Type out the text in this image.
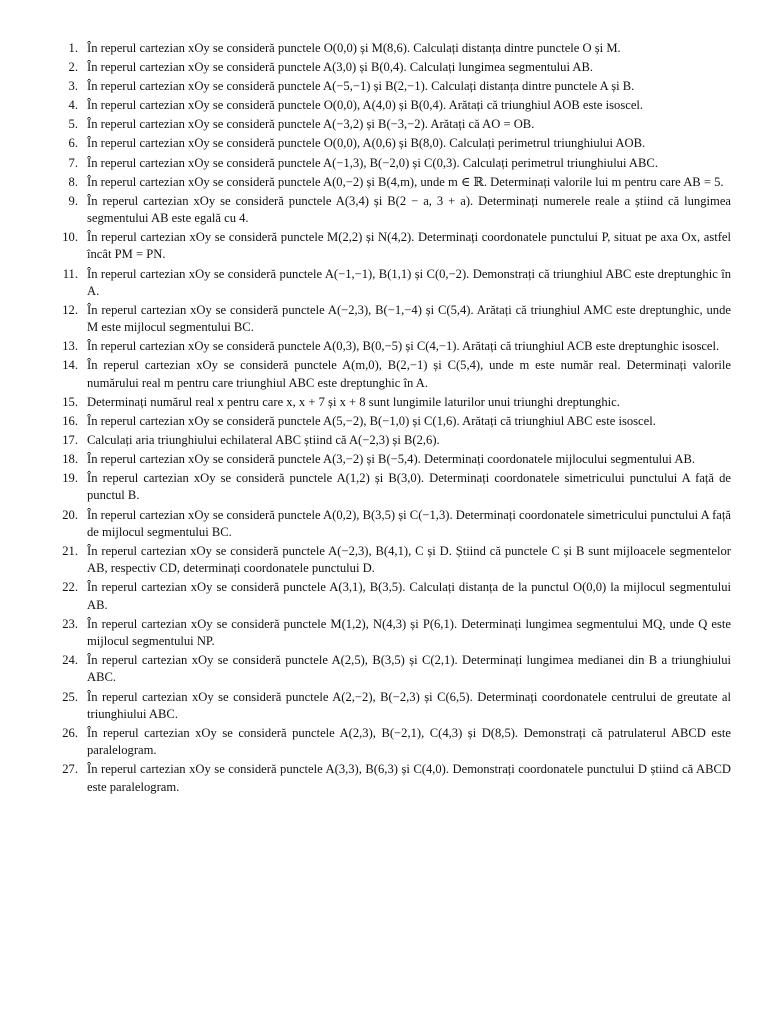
1. În reperul cartezian xOy se consideră punctele O(0,0) și M(8,6). Calculați distanța dintre punctele O și M.
2. În reperul cartezian xOy se consideră punctele A(3,0) și B(0,4). Calculați lungimea segmentului AB.
3. În reperul cartezian xOy se consideră punctele A(−5,−1) și B(2,−1). Calculați distanța dintre punctele A și B.
4. În reperul cartezian xOy se consideră punctele O(0,0), A(4,0) și B(0,4). Arătați că triunghiul AOB este isoscel.
5. În reperul cartezian xOy se consideră punctele A(−3,2) și B(−3,−2). Arătați că AO = OB.
6. În reperul cartezian xOy se consideră punctele O(0,0), A(0,6) și B(8,0). Calculați perimetrul triunghiului AOB.
7. În reperul cartezian xOy se consideră punctele A(−1,3), B(−2,0) și C(0,3). Calculați perimetrul triunghiului ABC.
8. În reperul cartezian xOy se consideră punctele A(0,−2) și B(4,m), unde m ∈ ℝ. Determinați valorile lui m pentru care AB = 5.
9. În reperul cartezian xOy se consideră punctele A(3,4) și B(2 − a, 3 + a). Determinați numerele reale a știind că lungimea segmentului AB este egală cu 4.
10. În reperul cartezian xOy se consideră punctele M(2,2) și N(4,2). Determinați coordonatele punctului P, situat pe axa Ox, astfel încât PM = PN.
11. În reperul cartezian xOy se consideră punctele A(−1,−1), B(1,1) și C(0,−2). Demonstrați că triunghiul ABC este dreptunghic în A.
12. În reperul cartezian xOy se consideră punctele A(−2,3), B(−1,−4) și C(5,4). Arătați că triunghiul AMC este dreptunghic, unde M este mijlocul segmentului BC.
13. În reperul cartezian xOy se consideră punctele A(0,3), B(0,−5) și C(4,−1). Arătați că triunghiul ACB este dreptunghic isoscel.
14. În reperul cartezian xOy se consideră punctele A(m,0), B(2,−1) și C(5,4), unde m este număr real. Determinați valorile numărului real m pentru care triunghiul ABC este dreptunghic în A.
15. Determinați numărul real x pentru care x, x + 7 și x + 8 sunt lungimile laturilor unui triunghi dreptunghic.
16. În reperul cartezian xOy se consideră punctele A(5,−2), B(−1,0) și C(1,6). Arătați că triunghiul ABC este isoscel.
17. Calculați aria triunghiului echilateral ABC știind că A(−2,3) și B(2,6).
18. În reperul cartezian xOy se consideră punctele A(3,−2) și B(−5,4). Determinați coordonatele mijlocului segmentului AB.
19. În reperul cartezian xOy se consideră punctele A(1,2) și B(3,0). Determinați coordonatele simetricului punctului A față de punctul B.
20. În reperul cartezian xOy se consideră punctele A(0,2), B(3,5) și C(−1,3). Determinați coordonatele simetricului punctului A față de mijlocul segmentului BC.
21. În reperul cartezian xOy se consideră punctele A(−2,3), B(4,1), C și D. Știind că punctele C și B sunt mijloacele segmentelor AB, respectiv CD, determinați coordonatele punctului D.
22. În reperul cartezian xOy se consideră punctele A(3,1), B(3,5). Calculați distanța de la punctul O(0,0) la mijlocul segmentului AB.
23. În reperul cartezian xOy se consideră punctele M(1,2), N(4,3) și P(6,1). Determinați lungimea segmentului MQ, unde Q este mijlocul segmentului NP.
24. În reperul cartezian xOy se consideră punctele A(2,5), B(3,5) și C(2,1). Determinați lungimea medianei din B a triunghiului ABC.
25. În reperul cartezian xOy se consideră punctele A(2,−2), B(−2,3) și C(6,5). Determinați coordonatele centrului de greutate al triunghiului ABC.
26. În reperul cartezian xOy se consideră punctele A(2,3), B(−2,1), C(4,3) și D(8,5). Demonstrați că patrulaterul ABCD este paralelogram.
27. În reperul cartezian xOy se consideră punctele A(3,3), B(6,3) și C(4,0). Demonstrați coordonatele punctului D știind că ABCD este paralelogram.
